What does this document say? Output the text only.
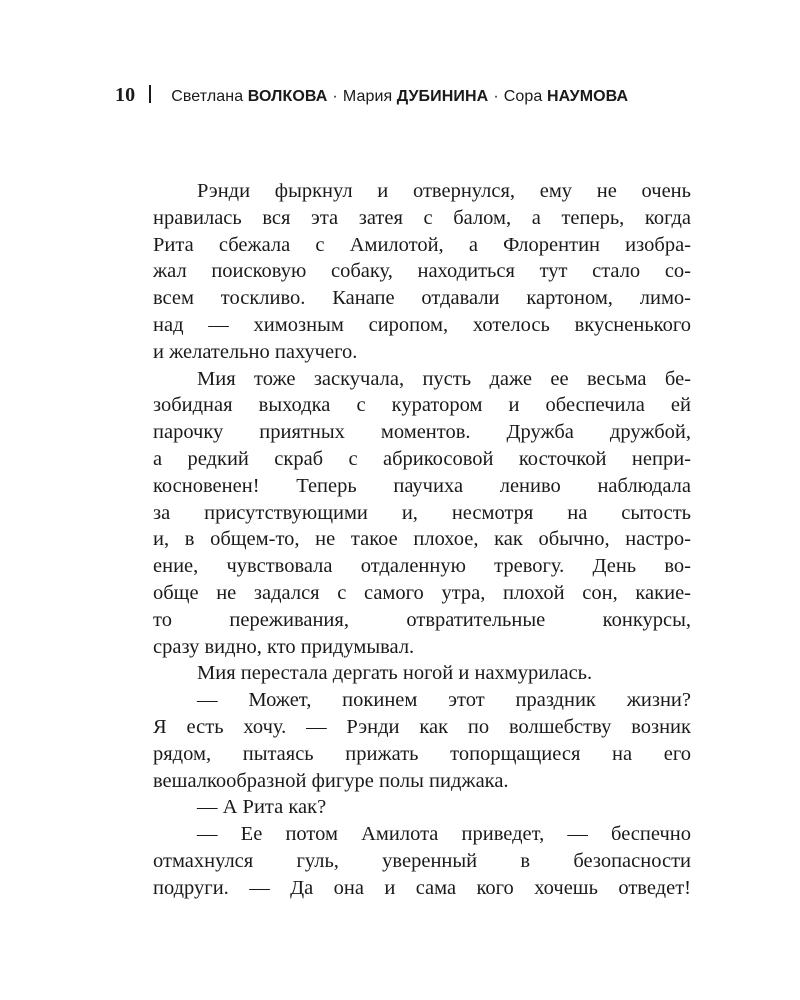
10 Светлана ВОЛКОВА · Мария ДУБИНИНА · Сора НАУМОВА
Рэнди фыркнул и отвернулся, ему не очень
нравилась вся эта затея с балом, а теперь, когда
Рита сбежала с Амилотой, а Флорентин изобра-
жал поисковую собаку, находиться тут стало со-
всем тоскливо. Канапе отдавали картоном, лимо-
над — химозным сиропом, хотелось вкусненького
и желательно пахучего.
Мия тоже заскучала, пусть даже ее весьма бе-
зобидная выходка с куратором и обеспечила ей
парочку приятных моментов. Дружба дружбой,
а редкий скраб с абрикосовой косточкой непри-
косновенен! Теперь паучиха лениво наблюдала
за присутствующими и, несмотря на сытость
и, в общем-то, не такое плохое, как обычно, настро-
ение, чувствовала отдаленную тревогу. День во-
обще не задался с самого утра, плохой сон, какие-
то переживания, отвратительные конкурсы,
сразу видно, кто придумывал.
Мия перестала дергать ногой и нахмурилась.
— Может, покинем этот праздник жизни?
Я есть хочу. — Рэнди как по волшебству возник
рядом, пытаясь прижать топорщащиеся на его
вешалкообразной фигуре полы пиджака.
— А Рита как?
— Ее потом Амилота приведет, — беспечно
отмахнулся гуль, уверенный в безопасности
подруги. — Да она и сама кого хочешь отведет!
